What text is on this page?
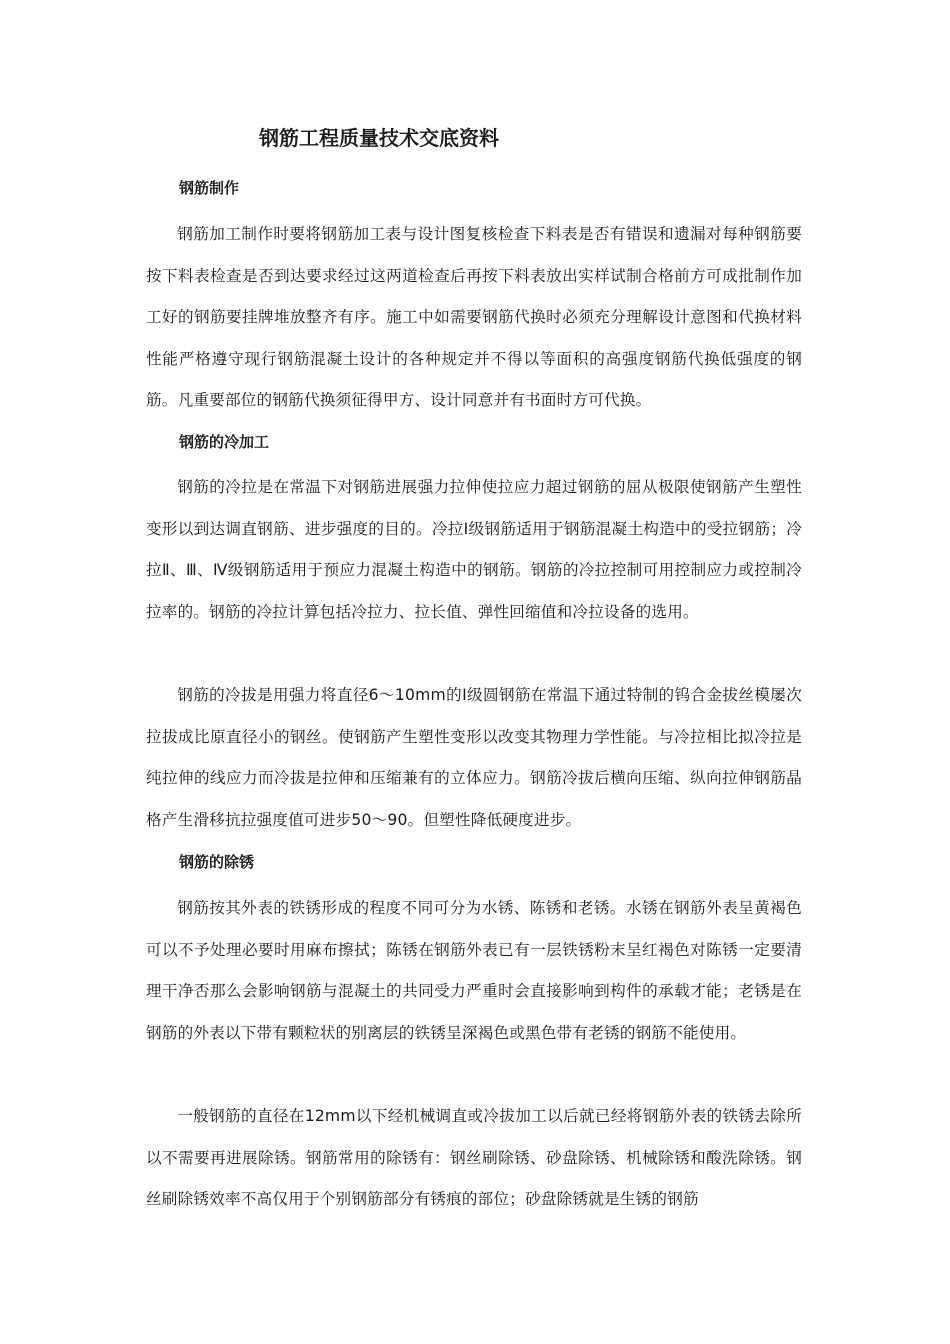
钢筋工程质量技术交底资料
钢筋制作

钢筋加工制作时要将钢筋加工表与设计图复核检查下料表是否有错误和遗漏对每种钢筋要按下料表检查是否到达要求经过这两道检查后再按下料表放出实样试制合格前方可成批制作加工好的钢筋要挂牌堆放整齐有序。施工中如需要钢筋代换时必须充分理解设计意图和代换材料性能严格遵守现行钢筋混凝土设计的各种规定并不得以等面积的高强度钢筋代换低强度的钢筋。凡重要部位的钢筋代换须征得甲方、设计同意并有书面时方可代换。

钢筋的冷加工

钢筋的冷拉是在常温下对钢筋进展强力拉伸使拉应力超过钢筋的屈从极限使钢筋产生塑性变形以到达调直钢筋、进步强度的目的。冷拉Ⅰ级钢筋适用于钢筋混凝土构造中的受拉钢筋；冷拉Ⅱ、Ⅲ、Ⅳ级钢筋适用于预应力混凝土构造中的钢筋。钢筋的冷拉控制可用控制应力或控制冷拉率的。钢筋的冷拉计算包括冷拉力、拉长值、弹性回缩值和冷拉设备的选用。

钢筋的冷拔是用强力将直径6～10mm的Ⅰ级圆钢筋在常温下通过特制的钨合金拔丝模屡次拉拔成比原直径小的钢丝。使钢筋产生塑性变形以改变其物理力学性能。与冷拉相比拟冷拉是纯拉伸的线应力而冷拔是拉伸和压缩兼有的立体应力。钢筋冷拔后横向压缩、纵向拉伸钢筋晶格产生滑移抗拉强度值可进步50～90。但塑性降低硬度进步。

钢筋的除锈

钢筋按其外表的铁锈形成的程度不同可分为水锈、陈锈和老锈。水锈在钢筋外表呈黄褐色可以不予处理必要时用麻布擦拭；陈锈在钢筋外表已有一层铁锈粉末呈红褐色对陈锈一定要清理干净否那么会影响钢筋与混凝土的共同受力严重时会直接影响到构件的承载才能；老锈是在钢筋的外表以下带有颗粒状的别离层的铁锈呈深褐色或黑色带有老锈的钢筋不能使用。

一般钢筋的直径在12mm以下经机械调直或冷拔加工以后就已经将钢筋外表的铁锈去除所以不需要再进展除锈。钢筋常用的除锈有：钢丝刷除锈、砂盘除锈、机械除锈和酸洗除锈。钢丝刷除锈效率不高仅用于个别钢筋部分有锈痕的部位；砂盘除锈就是生锈的钢筋
